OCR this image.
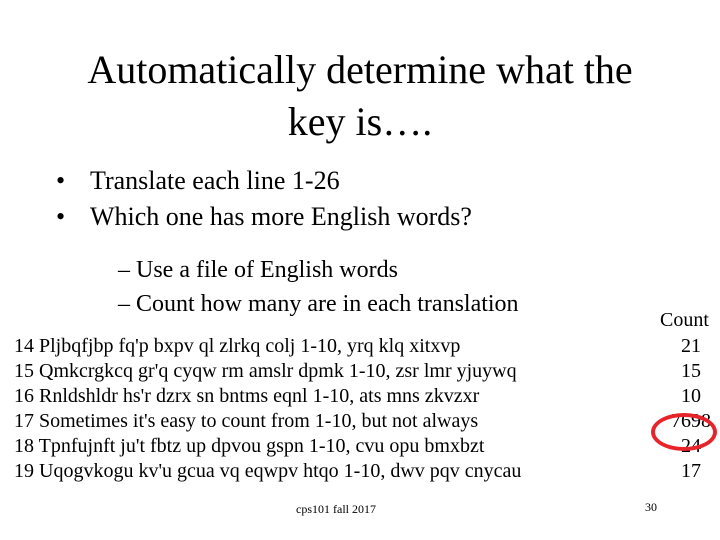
Automatically determine what the
key is….
• Translate each line 1-26
• Which one has more English words?
– Use a file of English words
– Count how many are in each translation
14 Pljbqfjbp fq'p bxpv ql zlrkq colj 1-10, yrq klq xitxvp
15 Qmkcrgkcq gr'q cyqw rm amslr dpmk 1-10, zsr lmr yjuywq
16 Rnldshldr hs'r dzrx sn bntms eqnl 1-10, ats mns zkvzxr
17 Sometimes it's easy to count from 1-10, but not always
18 Tpnfujnft ju't fbtz up dpvou gspn 1-10, cvu opu bmxbzt
19 Uqogvkogu kv'u gcua vq eqwpv htqo 1-10, dwv pqv cnycau
Count
21
15
10
7698
24
17
cps101 fall 2017	30
